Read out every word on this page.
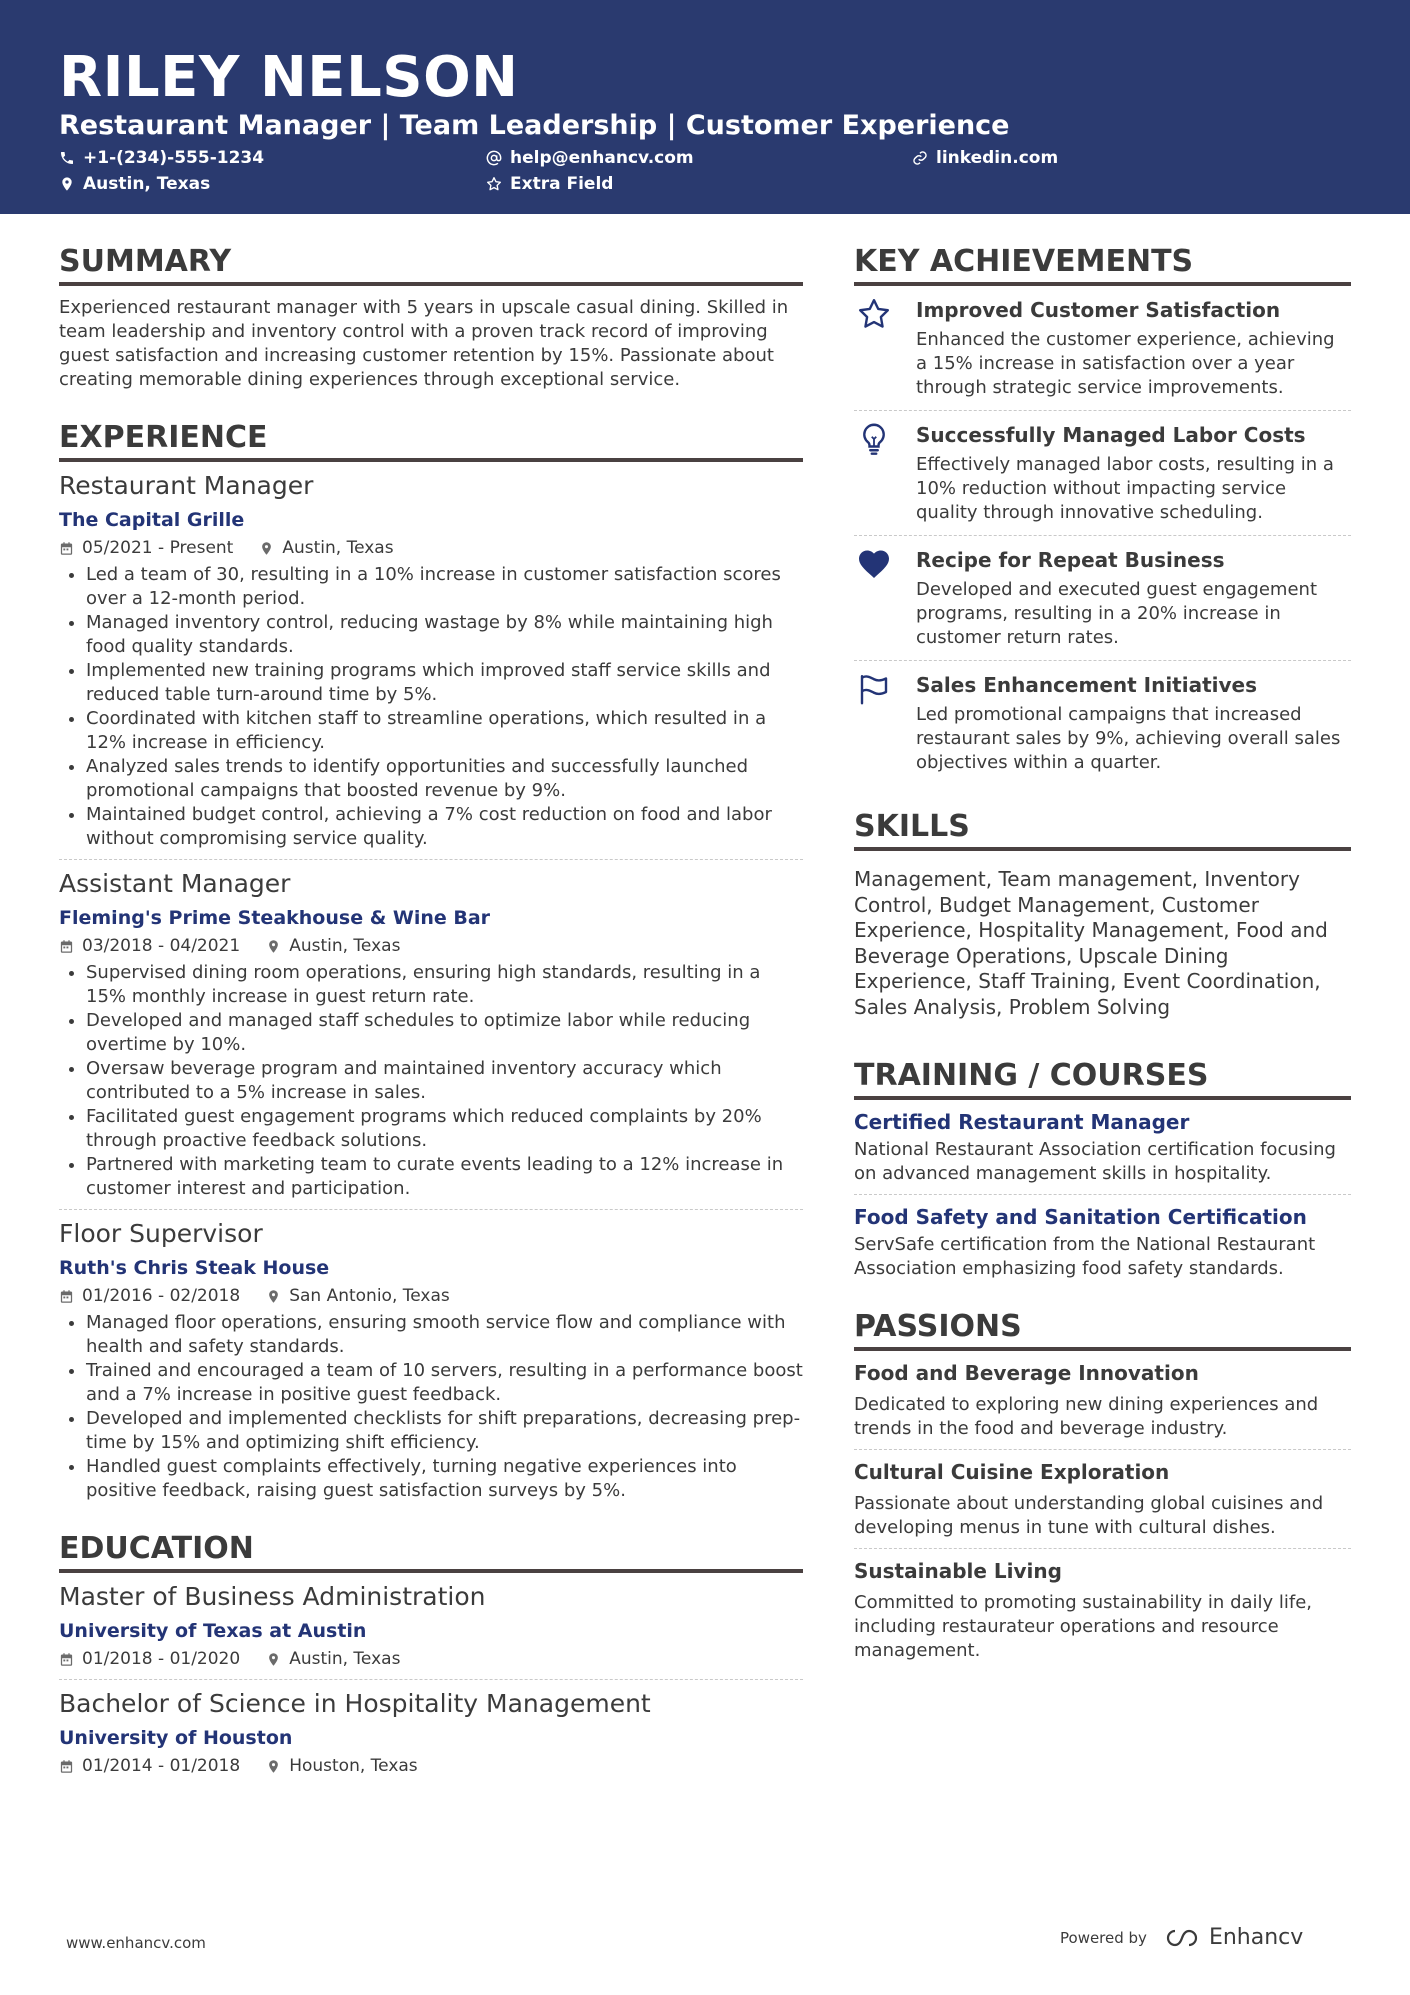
RILEY NELSON
Restaurant Manager | Team Leadership | Customer Experience
+1-(234)-555-1234	help@enhancv.com	linkedin.com
Austin, Texas	Extra Field
SUMMARY
Experienced restaurant manager with 5 years in upscale casual dining. Skilled in team leadership and inventory control with a proven track record of improving guest satisfaction and increasing customer retention by 15%. Passionate about creating memorable dining experiences through exceptional service.
EXPERIENCE
Restaurant Manager
The Capital Grille
05/2021 - Present	Austin, Texas
• Led a team of 30, resulting in a 10% increase in customer satisfaction scores over a 12-month period.
• Managed inventory control, reducing wastage by 8% while maintaining high food quality standards.
• Implemented new training programs which improved staff service skills and reduced table turn-around time by 5%.
• Coordinated with kitchen staff to streamline operations, which resulted in a 12% increase in efficiency.
• Analyzed sales trends to identify opportunities and successfully launched promotional campaigns that boosted revenue by 9%.
• Maintained budget control, achieving a 7% cost reduction on food and labor without compromising service quality.
Assistant Manager
Fleming's Prime Steakhouse & Wine Bar
03/2018 - 04/2021	Austin, Texas
• Supervised dining room operations, ensuring high standards, resulting in a 15% monthly increase in guest return rate.
• Developed and managed staff schedules to optimize labor while reducing overtime by 10%.
• Oversaw beverage program and maintained inventory accuracy which contributed to a 5% increase in sales.
• Facilitated guest engagement programs which reduced complaints by 20% through proactive feedback solutions.
• Partnered with marketing team to curate events leading to a 12% increase in customer interest and participation.
Floor Supervisor
Ruth's Chris Steak House
01/2016 - 02/2018	San Antonio, Texas
• Managed floor operations, ensuring smooth service flow and compliance with health and safety standards.
• Trained and encouraged a team of 10 servers, resulting in a performance boost and a 7% increase in positive guest feedback.
• Developed and implemented checklists for shift preparations, decreasing prep-time by 15% and optimizing shift efficiency.
• Handled guest complaints effectively, turning negative experiences into positive feedback, raising guest satisfaction surveys by 5%.
EDUCATION
Master of Business Administration
University of Texas at Austin
01/2018 - 01/2020	Austin, Texas
Bachelor of Science in Hospitality Management
University of Houston
01/2014 - 01/2018	Houston, Texas
KEY ACHIEVEMENTS
Improved Customer Satisfaction
Enhanced the customer experience, achieving a 15% increase in satisfaction over a year through strategic service improvements.
Successfully Managed Labor Costs
Effectively managed labor costs, resulting in a 10% reduction without impacting service quality through innovative scheduling.
Recipe for Repeat Business
Developed and executed guest engagement programs, resulting in a 20% increase in customer return rates.
Sales Enhancement Initiatives
Led promotional campaigns that increased restaurant sales by 9%, achieving overall sales objectives within a quarter.
SKILLS
Management, Team management, Inventory Control, Budget Management, Customer Experience, Hospitality Management, Food and Beverage Operations, Upscale Dining Experience, Staff Training, Event Coordination, Sales Analysis, Problem Solving
TRAINING / COURSES
Certified Restaurant Manager
National Restaurant Association certification focusing on advanced management skills in hospitality.
Food Safety and Sanitation Certification
ServSafe certification from the National Restaurant Association emphasizing food safety standards.
PASSIONS
Food and Beverage Innovation
Dedicated to exploring new dining experiences and trends in the food and beverage industry.
Cultural Cuisine Exploration
Passionate about understanding global cuisines and developing menus in tune with cultural dishes.
Sustainable Living
Committed to promoting sustainability in daily life, including restaurateur operations and resource management.
www.enhancv.com	Powered by	Enhancv
